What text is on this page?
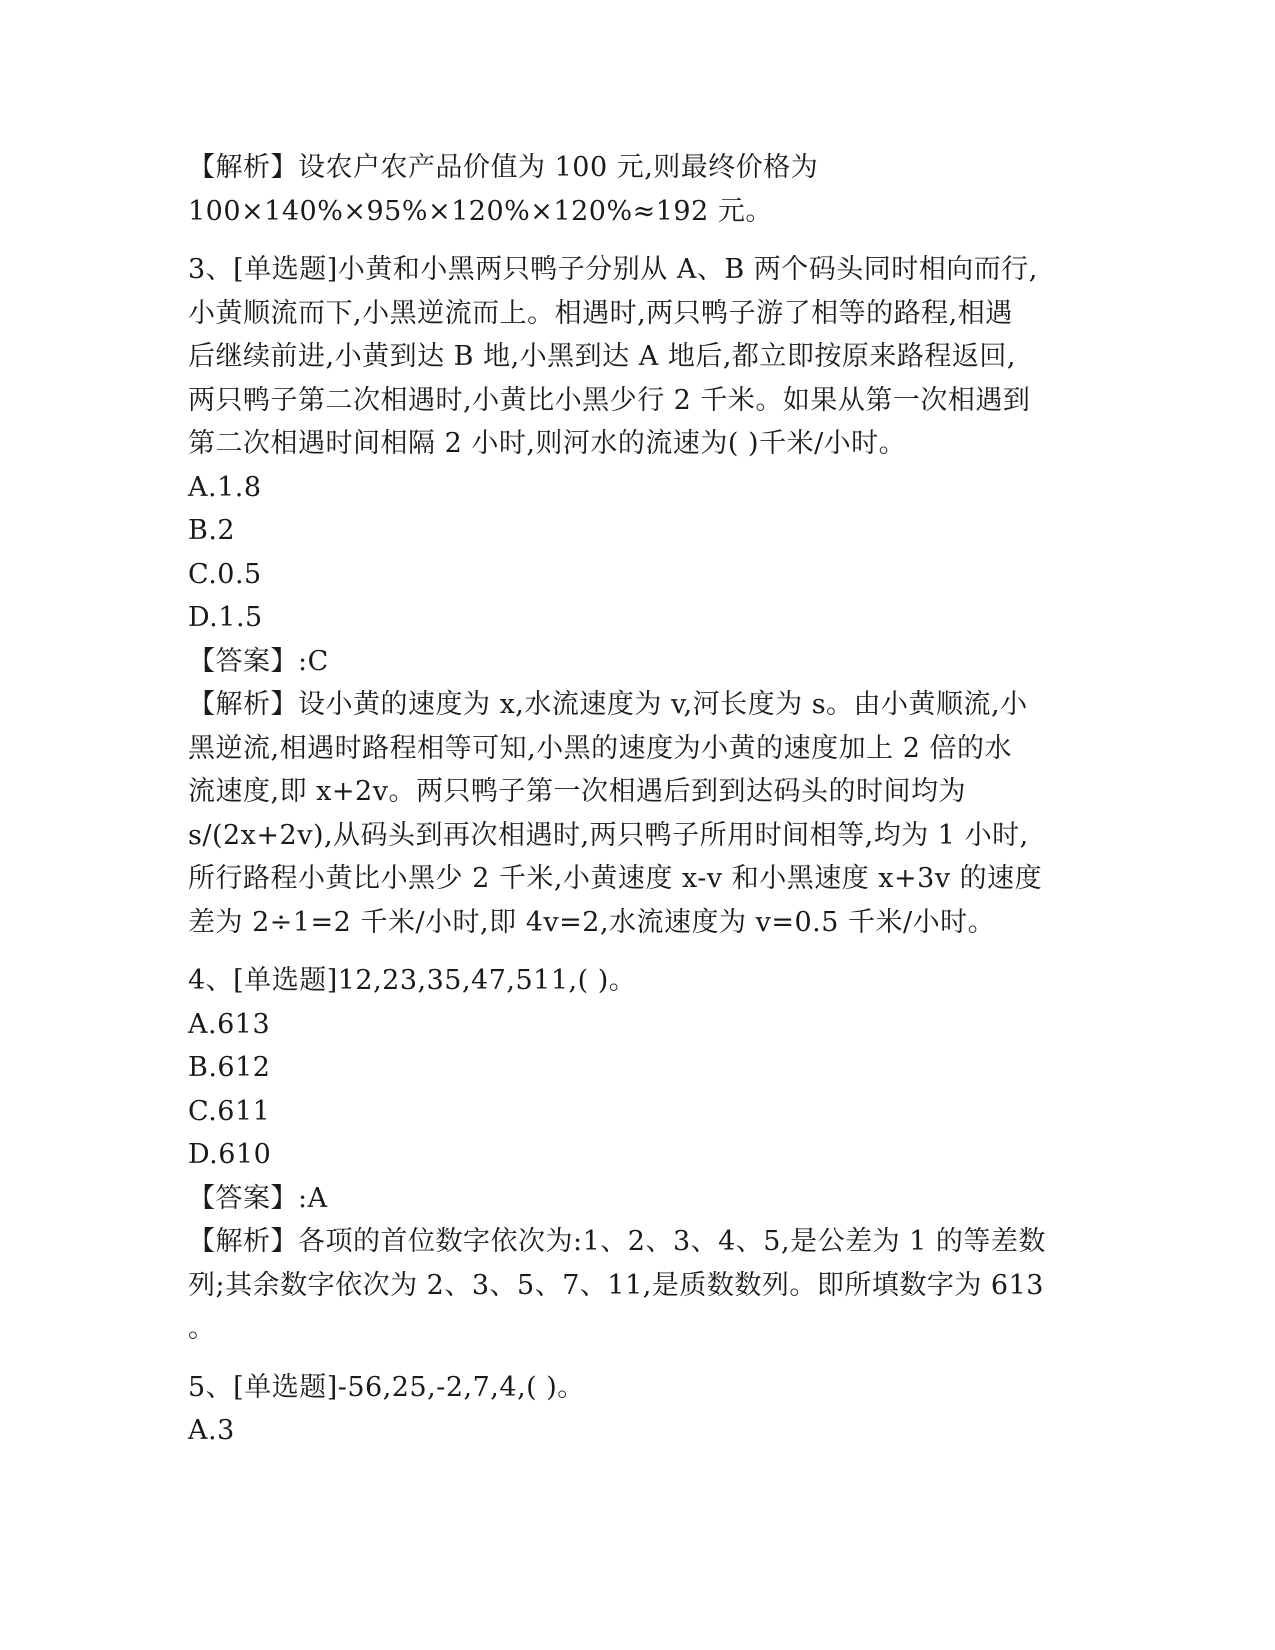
【解析】设农户农产品价值为 100 元,则最终价格为
100×140%×95%×120%×120%≈192 元。
3、[单选题]小黄和小黑两只鸭子分别从 A、B 两个码头同时相向而行,
小黄顺流而下,小黑逆流而上。相遇时,两只鸭子游了相等的路程,相遇
后继续前进,小黄到达 B 地,小黑到达 A 地后,都立即按原来路程返回,
两只鸭子第二次相遇时,小黄比小黑少行 2 千米。如果从第一次相遇到
第二次相遇时间相隔 2 小时,则河水的流速为( )千米/小时。
A.1.8
B.2
C.0.5
D.1.5
【答案】:C
【解析】设小黄的速度为 x,水流速度为 v,河长度为 s。由小黄顺流,小
黑逆流,相遇时路程相等可知,小黑的速度为小黄的速度加上 2 倍的水
流速度,即 x+2v。两只鸭子第一次相遇后到到达码头的时间均为
s/(2x+2v),从码头到再次相遇时,两只鸭子所用时间相等,均为 1 小时,
所行路程小黄比小黑少 2 千米,小黄速度 x-v 和小黑速度 x+3v 的速度
差为 2÷1=2 千米/小时,即 4v=2,水流速度为 v=0.5 千米/小时。
4、[单选题]12,23,35,47,511,( )。
A.613
B.612
C.611
D.610
【答案】:A
【解析】各项的首位数字依次为:1、2、3、4、5,是公差为 1 的等差数
列;其余数字依次为 2、3、5、7、11,是质数数列。即所填数字为 613
。
5、[单选题]-56,25,-2,7,4,( )。
A.3
